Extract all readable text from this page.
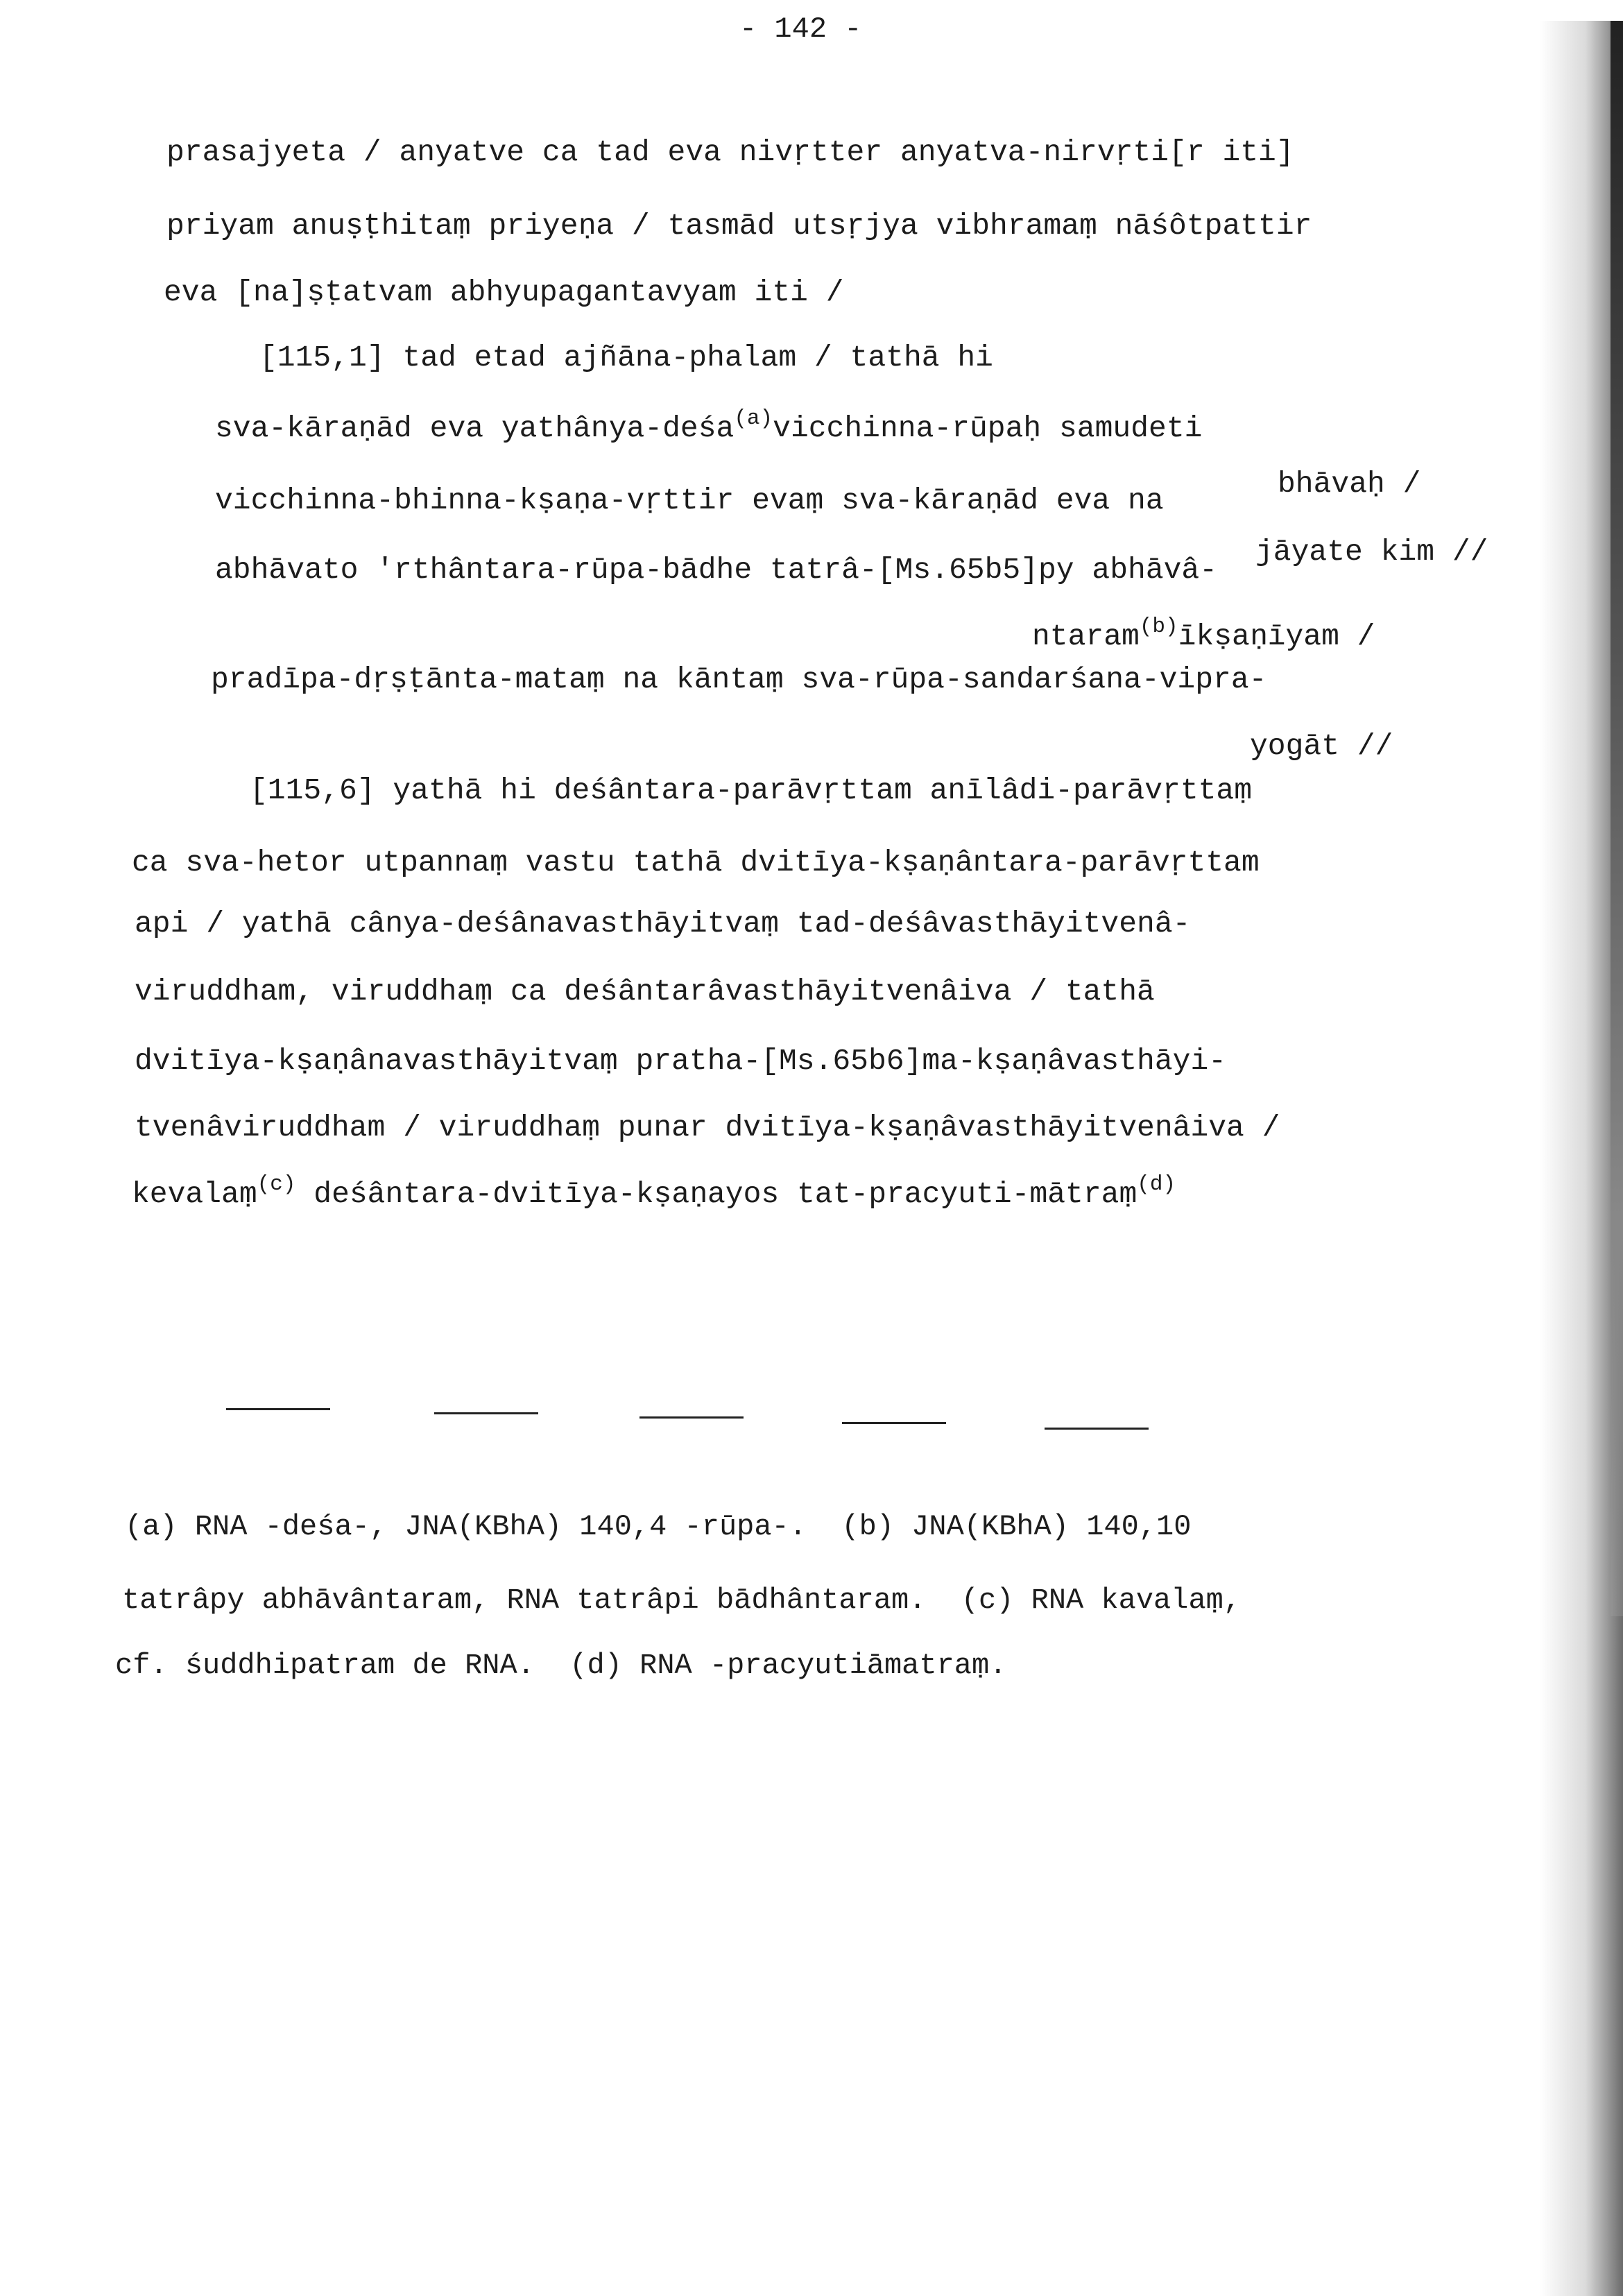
- 142 -
prasajyeta / anyatve ca tad eva nivṛtter anyatva-nirvṛti[r iti]
priyam anuṣṭhitaṃ priyeṇa / tasmād utsṛjya vibhramaṃ nāśôtpattir
eva [na]ṣṭatvam abhyupagantavyam iti /
[115,1] tad etad ajñāna-phalam / tathā hi
sva-kāraṇād eva yathânya-deśa$^{(a)}$vicchinna-rūpaḥ samudeti
bhāvaḥ /
vicchinna-bhinna-kṣaṇa-vṛttir evaṃ sva-kāraṇād eva na
jāyate kim //
abhāvato 'rthântara-rūpa-bādhe tatrâ-[Ms.65b5]py abhāvâ-
ntaram$^{(b)}$īkṣaṇīyam /
pradīpa-dṛṣṭānta-mataṃ na kāntaṃ sva-rūpa-sandarśana-vipra-
yogāt //
[115,6] yathā hi deśântara-parāvṛttam anīlâdi-parāvṛttaṃ
ca sva-hetor utpannaṃ vastu tathā dvitīya-kṣaṇântara-parāvṛttam
api / yathā cânya-deśânavasthāyitvaṃ tad-deśâvasthāyitvenâ-
viruddham, viruddhaṃ ca deśântarâvasthāyitvenâiva / tathā
dvitīya-kṣaṇânavasthāyitvaṃ pratha-[Ms.65b6]ma-kṣaṇâvasthāyi-
tvenâviruddham / viruddhaṃ punar dvitīya-kṣaṇâvasthāyitvenâiva /
kevalaṃ$^{(c)}$ deśântara-dvitīya-kṣaṇayos tat-pracyuti-mātraṃ$^{(d)}$
(a) RNA -deśa-, JNA(KBhA) 140,4 -rūpa-.  (b) JNA(KBhA) 140,10
tatrâpy abhāvântaram, RNA tatrâpi bādhântaram.  (c) RNA kavalaṃ,
cf. śuddhipatram de RNA.  (d) RNA -pracyutiāmatraṃ.
